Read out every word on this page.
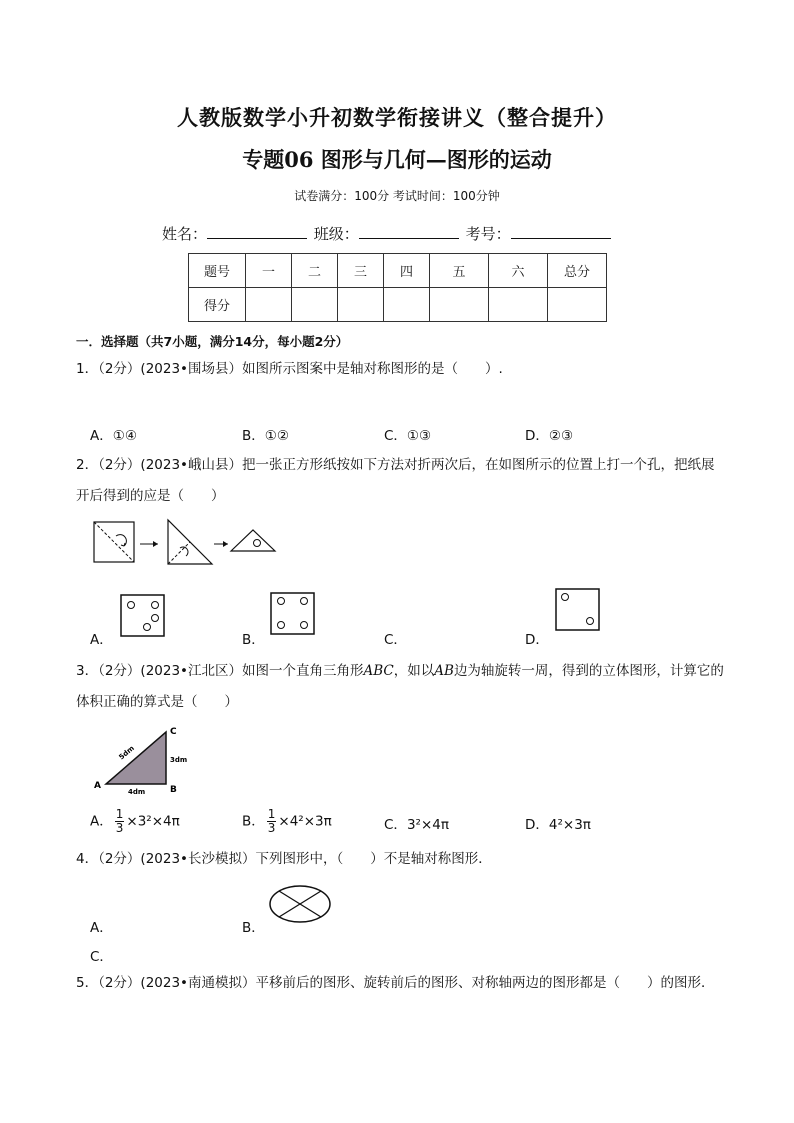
人教版数学小升初数学衔接讲义（整合提升）
专题06 图形与几何—图形的运动
试卷满分：100分 考试时间：100分钟
姓名：	班级：	考号：
题号	一	二	三	四	五	六	总分
得分							
一．选择题（共7小题，满分14分，每小题2分）
1．（2分）(2023•围场县）如图所示图案中是轴对称图形的是（　　）.
A．①④	B．①②	C．①③	D．②③
2．（2分）(2023•峨山县）把一张正方形纸按如下方法对折两次后，在如图所示的位置上打一个孔，把纸展开后得到的应是（　　）
A．	B．	C．	D．
3．（2分）(2023•江北区）如图一个直角三角形ABC，如以AB边为轴旋转一周，得到的立体图形，计算它的体积正确的算式是（　　）
A	B
C
3dm
4dm
5dm
A． $\frac{1}{3} \times 3^2\times 4\pi$	B． $\frac{1}{3} \times 4^2\times 3\pi$	C．3²×4π	D．4²×3π
4．（2分）(2023•长沙模拟）下列图形中，（　　）不是轴对称图形．
A．	B．
C．
5．（2分）(2023•南通模拟）平移前后的图形、旋转前后的图形、对称轴两边的图形都是（　　）的图形．
